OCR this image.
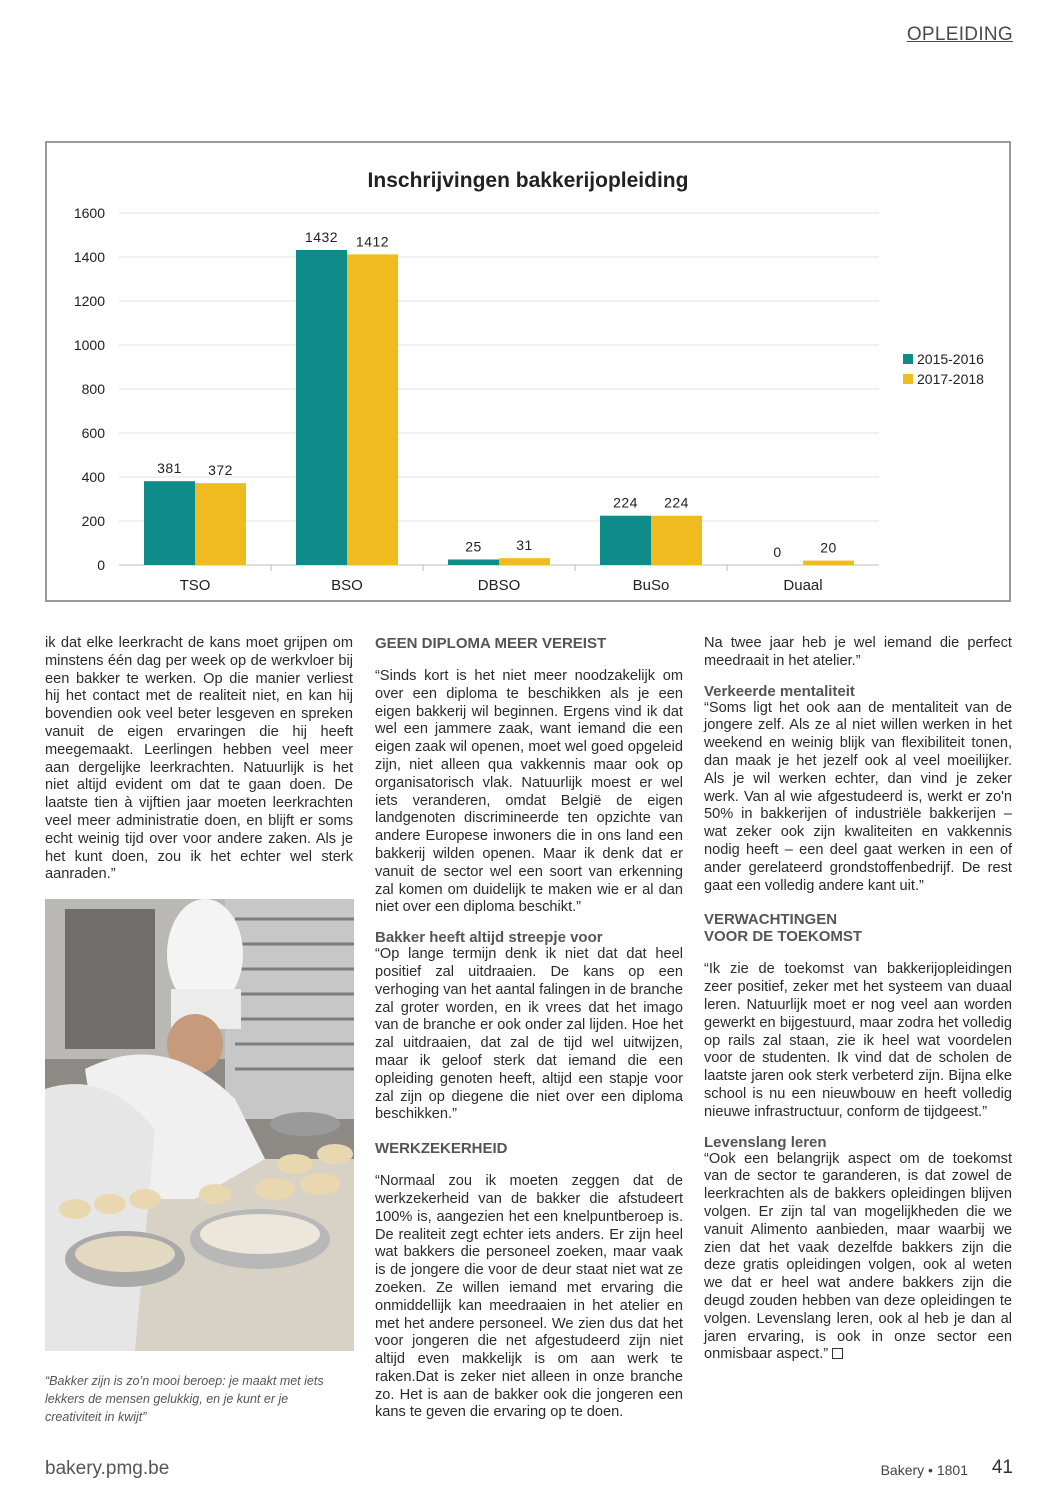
OPLEIDING
Inschrijvingen bakkerijopleiding
0
200
400
600
800
1000
1200
1400
1600
TSO
381 372
BSO
1432 1412
DBSO
25 31
BuSo
224 224
Duaal
0	20
2015-2016
2017-2018

ik dat elke leerkracht de kans moet grijpen om minstens één dag per week op de werkvloer bij een bakker te werken. Op die manier verliest hij het contact met de realiteit niet, en kan hij bovendien ook veel beter lesgeven en spreken vanuit de eigen ervaringen die hij heeft meegemaakt. Leerlingen hebben veel meer aan dergelijke leerkrachten. Natuurlijk is het niet altijd evident om dat te gaan doen. De laatste tien à vijftien jaar moeten leerkrachten veel meer administratie doen, en blijft er soms echt weinig tijd over voor andere zaken. Als je het kunt doen, zou ik het echter wel sterk aanraden.”

“Bakker zijn is zo’n mooi beroep: je maakt met iets lekkers de mensen gelukkig, en je kunt er je creativiteit in kwijt”
GEEN DIPLOMA MEER VEREIST

“Sinds kort is het niet meer noodzakelijk om over een diploma te beschikken als je een eigen bakkerij wil beginnen. Ergens vind ik dat wel een jammere zaak, want iemand die een eigen zaak wil openen, moet wel goed opgeleid zijn, niet alleen qua vakkennis maar ook op organisatorisch vlak. Natuurlijk moest er wel iets veranderen, omdat België de eigen landgenoten discrimineerde ten opzichte van andere Europese inwoners die in ons land een bakkerij wilden openen. Maar ik denk dat er vanuit de sector wel een soort van erkenning zal komen om duidelijk te maken wie er al dan niet over een diploma beschikt.”

Bakker heeft altijd streepje voor

“Op lange termijn denk ik niet dat dat heel positief zal uitdraaien. De kans op een verhoging van het aantal falingen in de branche zal groter worden, en ik vrees dat het imago van de branche er ook onder zal lijden. Hoe het zal uitdraaien, dat zal de tijd wel uitwijzen, maar ik geloof sterk dat iemand die een opleiding genoten heeft, altijd een stapje voor zal zijn op diegene die niet over een diploma beschikken.”

WERKZEKERHEID

“Normaal zou ik moeten zeggen dat de werkzekerheid van de bakker die afstudeert 100% is, aangezien het een knelpuntberoep is. De realiteit zegt echter iets anders. Er zijn heel wat bakkers die personeel zoeken, maar vaak is de jongere die voor de deur staat niet wat ze zoeken. Ze willen iemand met ervaring die onmiddellijk kan meedraaien in het atelier en met het andere personeel. We zien dus dat het voor jongeren die net afgestudeerd zijn niet altijd even makkelijk is om aan werk te raken.Dat is zeker niet alleen in onze branche zo. Het is aan de bakker ook die jongeren een kans te geven die ervaring op te doen.

Na twee jaar heb je wel iemand die perfect meedraait in het atelier.”

Verkeerde mentaliteit

“Soms ligt het ook aan de mentaliteit van de jongere zelf. Als ze al niet willen werken in het weekend en weinig blijk van flexibiliteit tonen, dan maak je het jezelf ook al veel moeilijker. Als je wil werken echter, dan vind je zeker werk. Van al wie afgestudeerd is, werkt er zo'n 50% in bakkerijen of industriële bakkerijen – wat zeker ook zijn kwaliteiten en vakkennis nodig heeft – een deel gaat werken in een of ander gerelateerd grondstoffenbedrijf. De rest gaat een volledig andere kant uit.”

VERWACHTINGEN
VOOR DE TOEKOMST

“Ik zie de toekomst van bakkerijopleidingen zeer positief, zeker met het systeem van duaal leren. Natuurlijk moet er nog veel aan worden gewerkt en bijgestuurd, maar zodra het volledig op rails zal staan, zie ik heel wat voordelen voor de studenten. Ik vind dat de scholen de laatste jaren ook sterk verbeterd zijn. Bijna elke school is nu een nieuwbouw en heeft volledig nieuwe infrastructuur, conform de tijdgeest.”

Levenslang leren

“Ook een belangrijk aspect om de toekomst van de sector te garanderen, is dat zowel de leerkrachten als de bakkers opleidingen blijven volgen. Er zijn tal van mogelijkheden die we vanuit Alimento aanbieden, maar waarbij we zien dat het vaak dezelfde bakkers zijn die deze gratis opleidingen volgen, ook al weten we dat er heel wat andere bakkers zijn die deugd zouden hebben van deze opleidingen te volgen. Levenslang leren, ook al heb je dan al jaren ervaring, is ook in onze sector een onmisbaar aspect.”

bakery.pmg.be	Bakery • 1801 41
